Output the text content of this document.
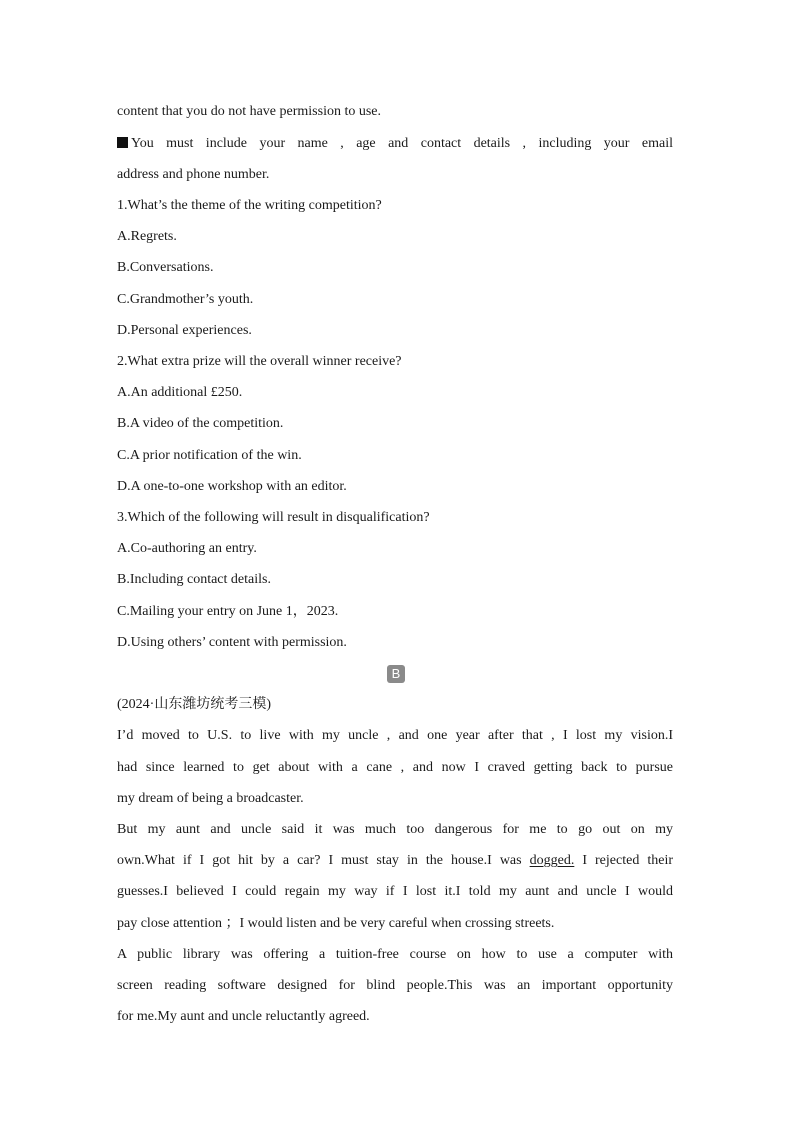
content that you do not have permission to use.

You must include your name , age and contact details , including your email

address and phone number.

1.What’s the theme of the writing competition?

A.Regrets.

B.Conversations.

C.Grandmother’s youth.

D.Personal experiences.

2.What extra prize will the overall winner receive?

A.An additional £250.

B.A video of the competition.

C.A prior notification of the win.

D.A one-to-one workshop with an editor.

3.Which of the following will result in disqualification?

A.Co-authoring an entry.

B.Including contact details.

C.Mailing your entry on June 1，2023.

D.Using others’ content with permission.

B

(2024·山东潍坊统考三模)

I’d moved to U.S. to live with my uncle , and one year after that , I lost my vision.I

had since learned to get about with a cane , and now I craved getting back to pursue

my dream of being a broadcaster.

But my aunt and uncle said it was much too dangerous for me to go out on my

own.What if I got hit by a car? I must stay in the house.I was dogged. I rejected their

guesses.I believed I could regain my way if I lost it.I told my aunt and uncle I would

pay close attention ；I would listen and be very careful when crossing streets.

A public library was offering a tuition-free course on how to use a computer with

screen reading software designed for blind people.This was an important opportunity

for me.My aunt and uncle reluctantly agreed.
